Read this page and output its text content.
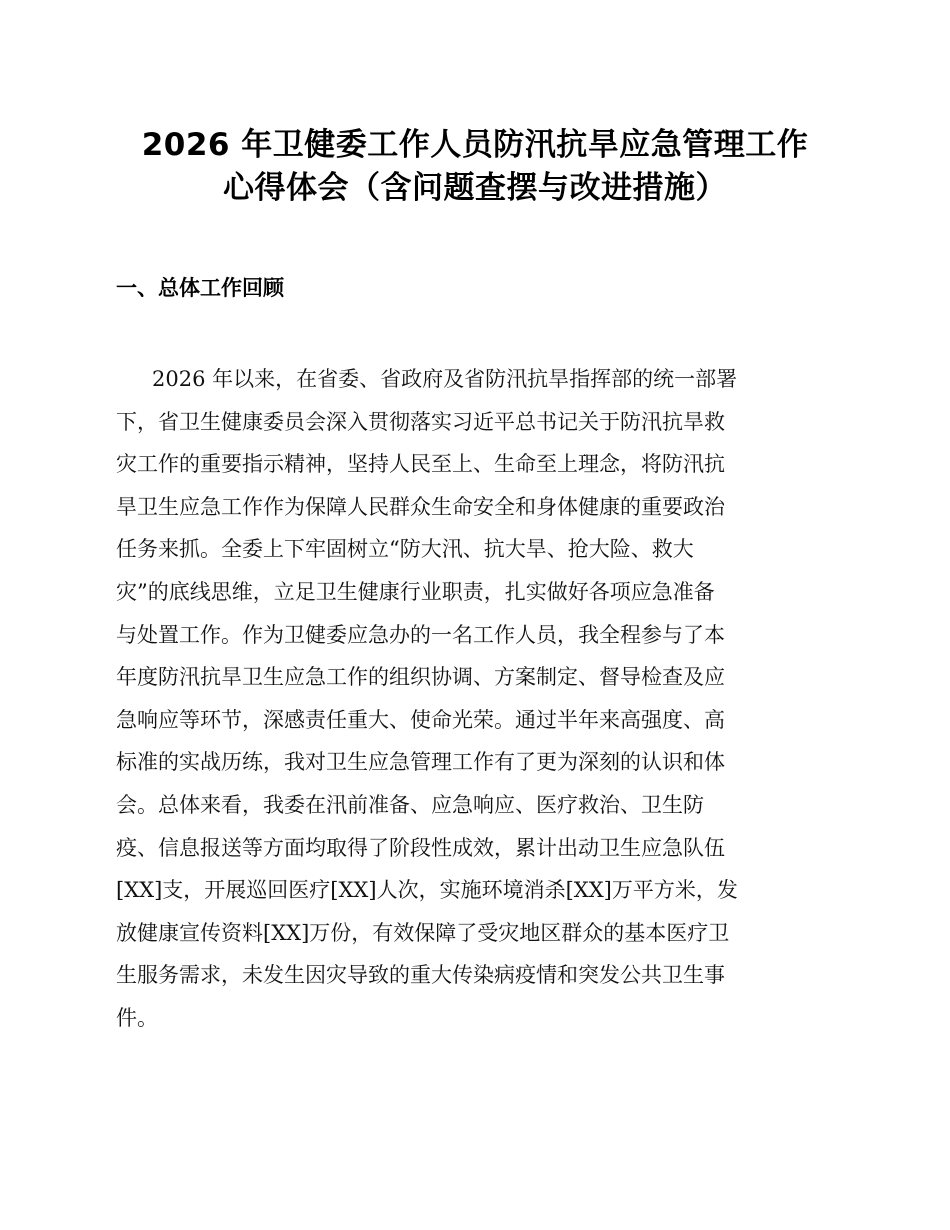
2026 年卫健委工作人员防汛抗旱应急管理工作
心得体会（含问题查摆与改进措施）
一、总体工作回顾
2026 年以来，在省委、省政府及省防汛抗旱指挥部的统一部署
下，省卫生健康委员会深入贯彻落实习近平总书记关于防汛抗旱救
灾工作的重要指示精神，坚持人民至上、生命至上理念，将防汛抗
旱卫生应急工作作为保障人民群众生命安全和身体健康的重要政治
任务来抓。全委上下牢固树立“防大汛、抗大旱、抢大险、救大
灾”的底线思维，立足卫生健康行业职责，扎实做好各项应急准备
与处置工作。作为卫健委应急办的一名工作人员，我全程参与了本
年度防汛抗旱卫生应急工作的组织协调、方案制定、督导检查及应
急响应等环节，深感责任重大、使命光荣。通过半年来高强度、高
标准的实战历练，我对卫生应急管理工作有了更为深刻的认识和体
会。总体来看，我委在汛前准备、应急响应、医疗救治、卫生防
疫、信息报送等方面均取得了阶段性成效，累计出动卫生应急队伍
[XX]支，开展巡回医疗[XX]人次，实施环境消杀[XX]万平方米，发
放健康宣传资料[XX]万份，有效保障了受灾地区群众的基本医疗卫
生服务需求，未发生因灾导致的重大传染病疫情和突发公共卫生事
件。
